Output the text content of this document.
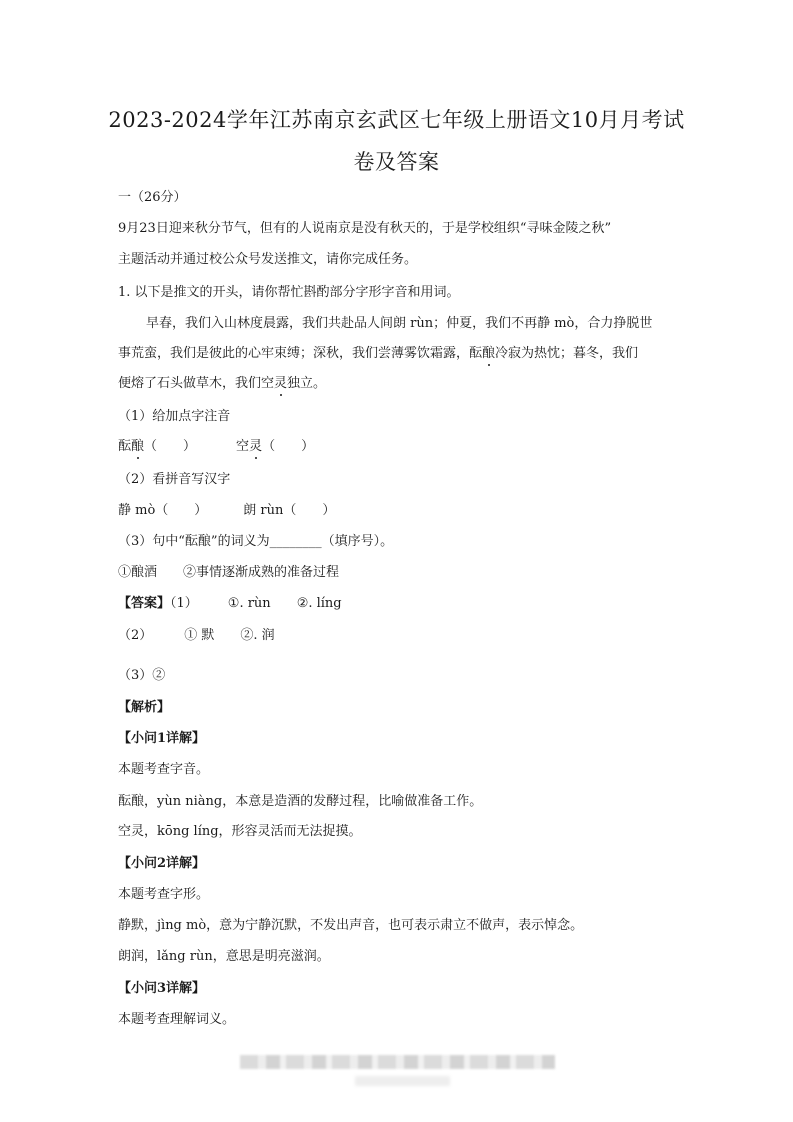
2023-2024学年江苏南京玄武区七年级上册语文10月月考试
卷及答案
一（26分）
9月23日迎来秋分节气，但有的人说南京是没有秋天的，于是学校组织“寻味金陵之秋”
主题活动并通过校公众号发送推文，请你完成任务。
1. 以下是推文的开头，请你帮忙斟酌部分字形字音和用词。
早春，我们入山林度晨露，我们共赴品人间朗 rùn；仲夏，我们不再静 mò，合力挣脱世
事荒蛮，我们是彼此的心牢束缚；深秋，我们尝薄雾饮霜露，酝酿冷寂为热忱；暮冬，我们
便熔了石头做草木，我们空灵独立。
（1）给加点字注音
酝酿（　　）	空灵（　　）
（2）看拼音写汉字
静 mò（　　）	朗 rùn（　　）
（3）句中“酝酿”的词义为________（填序号）。
①酿酒　　②事情逐渐成熟的准备过程
【答案】（1） ①. rùn ②. líng
（2） ① 默 ②. 润
（3）②
【解析】
【小问1详解】
本题考查字音。
酝酿，yùn niàng，本意是造酒的发酵过程，比喻做准备工作。
空灵，kōng líng，形容灵活而无法捉摸。
【小问2详解】
本题考查字形。
静默，jìng mò，意为宁静沉默，不发出声音，也可表示肃立不做声，表示悼念。
朗润，lǎng rùn，意思是明亮滋润。
【小问3详解】
本题考查理解词义。
